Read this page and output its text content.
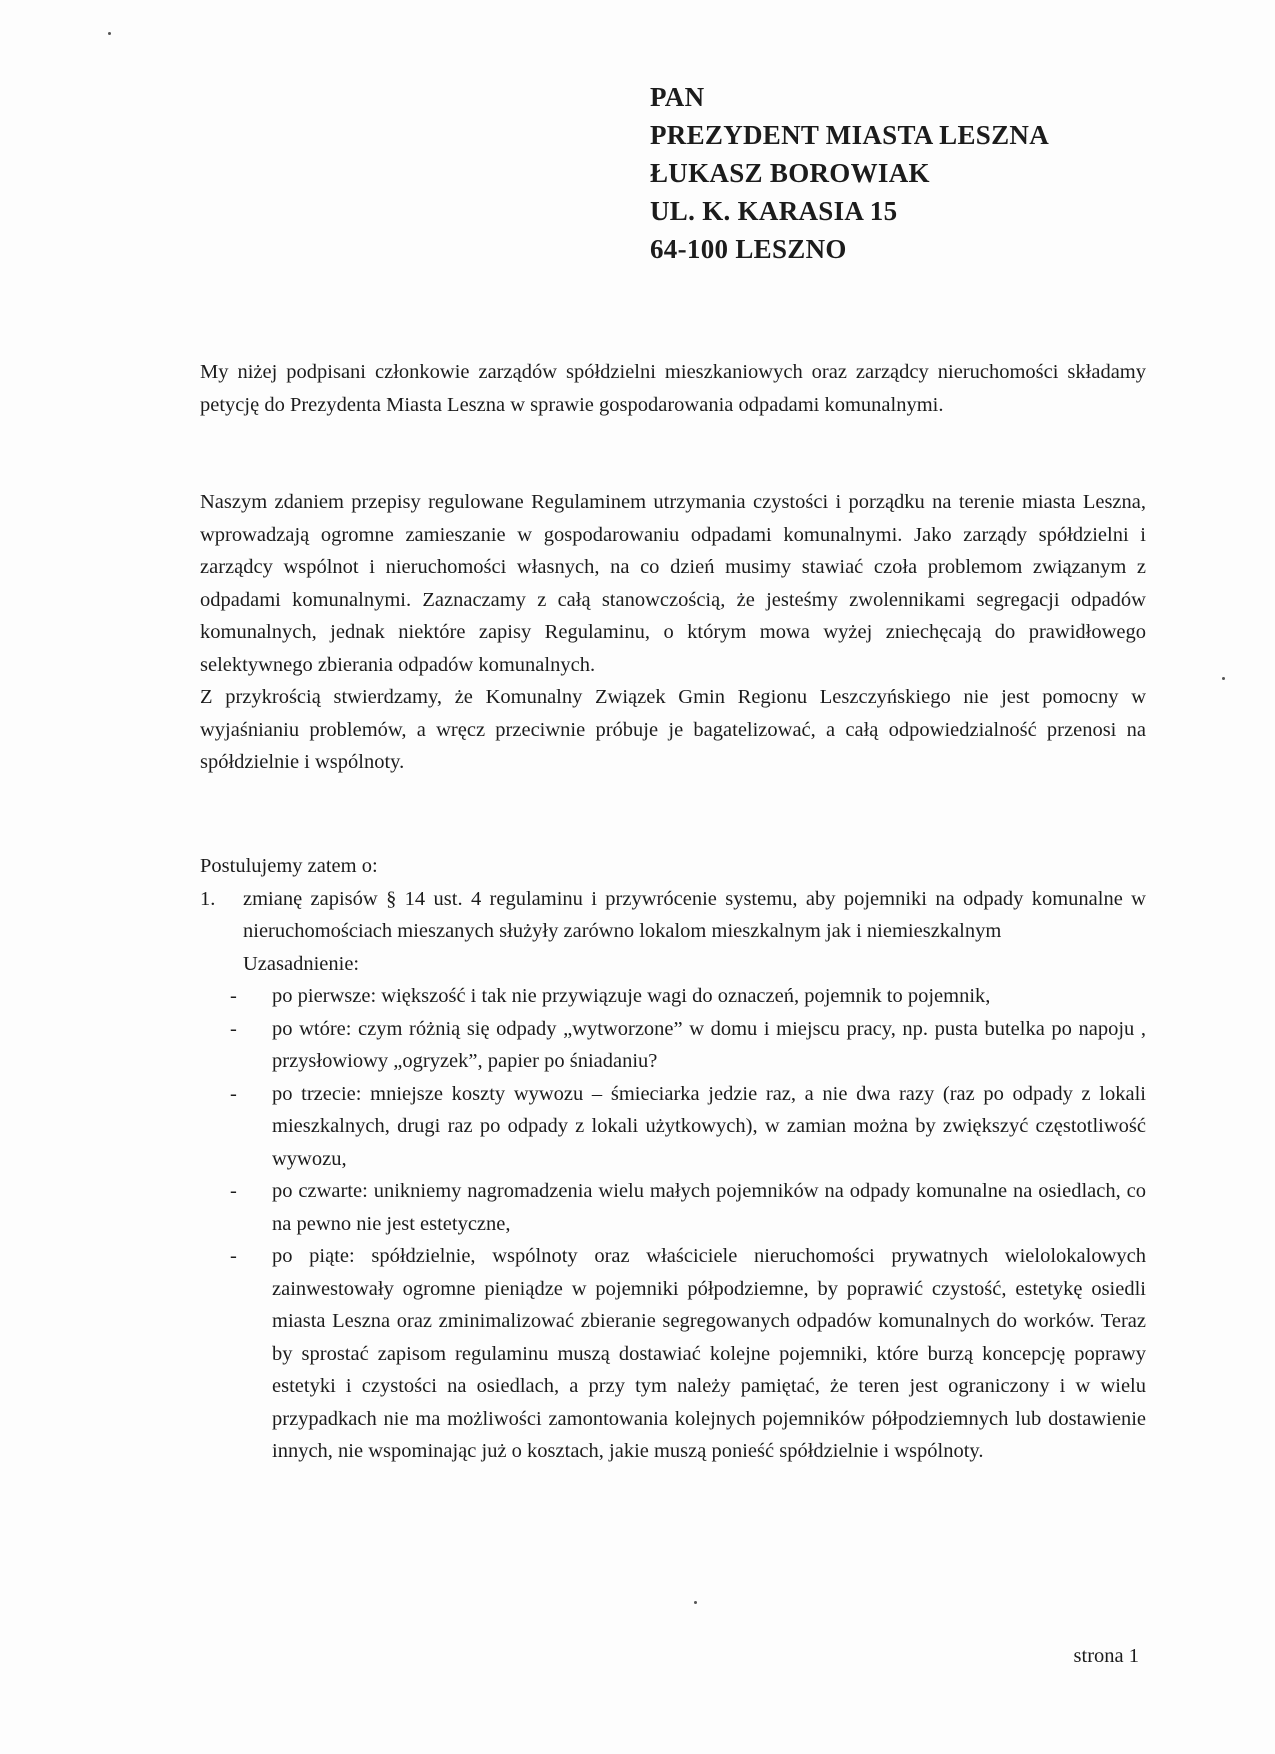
PAN
PREZYDENT MIASTA LESZNA
ŁUKASZ BOROWIAK
UL. K. KARASIA 15
64-100 LESZNO

My niżej podpisani członkowie zarządów spółdzielni mieszkaniowych oraz zarządcy nieruchomości składamy petycję do Prezydenta Miasta Leszna w sprawie gospodarowania odpadami komunalnymi.

Naszym zdaniem przepisy regulowane Regulaminem utrzymania czystości i porządku na terenie miasta Leszna, wprowadzają ogromne zamieszanie w gospodarowaniu odpadami komunalnymi. Jako zarządy spółdzielni i zarządcy wspólnot i nieruchomości własnych, na co dzień musimy stawiać czoła problemom związanym z odpadami komunalnymi. Zaznaczamy z całą stanowczością, że jesteśmy zwolennikami segregacji odpadów komunalnych, jednak niektóre zapisy Regulaminu, o którym mowa wyżej zniechęcają do prawidłowego selektywnego zbierania odpadów komunalnych.

Z przykrością stwierdzamy, że Komunalny Związek Gmin Regionu Leszczyńskiego nie jest pomocny w wyjaśnianiu problemów, a wręcz przeciwnie próbuje je bagatelizować, a całą odpowiedzialność przenosi na spółdzielnie i wspólnoty.

Postulujemy zatem o:

1. zmianę zapisów § 14 ust. 4 regulaminu i przywrócenie systemu, aby pojemniki na odpady komunalne w nieruchomościach mieszanych służyły zarówno lokalom mieszkalnym jak i niemieszkalnym

Uzasadnienie:

- po pierwsze: większość i tak nie przywiązuje wagi do oznaczeń, pojemnik to pojemnik,
- po wtóre: czym różnią się odpady „wytworzone” w domu i miejscu pracy, np. pusta butelka po napoju , przysłowiowy „ogryzek”, papier po śniadaniu?
- po trzecie: mniejsze koszty wywozu – śmieciarka jedzie raz, a nie dwa razy (raz po odpady z lokali mieszkalnych, drugi raz po odpady z lokali użytkowych), w zamian można by zwiększyć częstotliwość wywozu,
- po czwarte: unikniemy nagromadzenia wielu małych pojemników na odpady komunalne na osiedlach, co na pewno nie jest estetyczne,
- po piąte: spółdzielnie, wspólnoty oraz właściciele nieruchomości prywatnych wielolokalowych zainwestowały ogromne pieniądze w pojemniki półpodziemne, by poprawić czystość, estetykę osiedli miasta Leszna oraz zminimalizować zbieranie segregowanych odpadów komunalnych do worków. Teraz by sprostać zapisom regulaminu muszą dostawiać kolejne pojemniki, które burzą koncepcję poprawy estetyki i czystości na osiedlach, a przy tym należy pamiętać, że teren jest ograniczony i w wielu przypadkach nie ma możliwości zamontowania kolejnych pojemników półpodziemnych lub dostawienie innych, nie wspominając już o kosztach, jakie muszą ponieść spółdzielnie i wspólnoty.
strona 1
